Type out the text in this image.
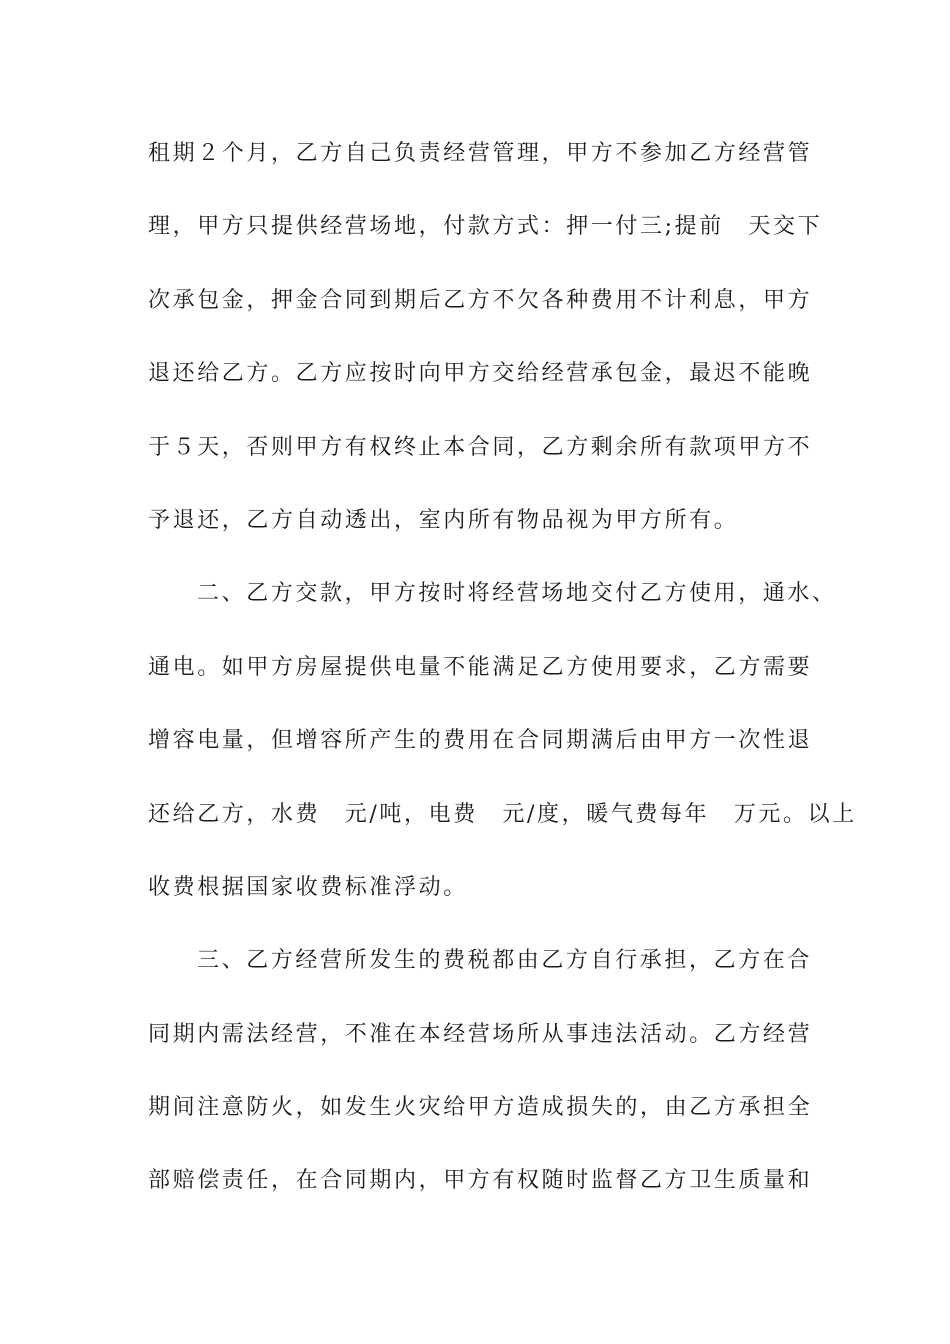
租期２个月，乙方自己负责经营管理，甲方不参加乙方经营管
理，甲方只提供经营场地，付款方式：押一付三;提前　天交下
次承包金，押金合同到期后乙方不欠各种费用不计利息，甲方
退还给乙方。乙方应按时向甲方交给经营承包金，最迟不能晚
于５天，否则甲方有权终止本合同，乙方剩余所有款项甲方不
予退还，乙方自动透出，室内所有物品视为甲方所有。
二、乙方交款，甲方按时将经营场地交付乙方使用，通水、
通电。如甲方房屋提供电量不能满足乙方使用要求，乙方需要
增容电量，但增容所产生的费用在合同期满后由甲方一次性退
还给乙方，水费　元/吨，电费　元/度，暖气费每年　万元。以上
收费根据国家收费标准浮动。
三、乙方经营所发生的费税都由乙方自行承担，乙方在合
同期内需法经营，不准在本经营场所从事违法活动。乙方经营
期间注意防火，如发生火灾给甲方造成损失的，由乙方承担全
部赔偿责任，在合同期内，甲方有权随时监督乙方卫生质量和
